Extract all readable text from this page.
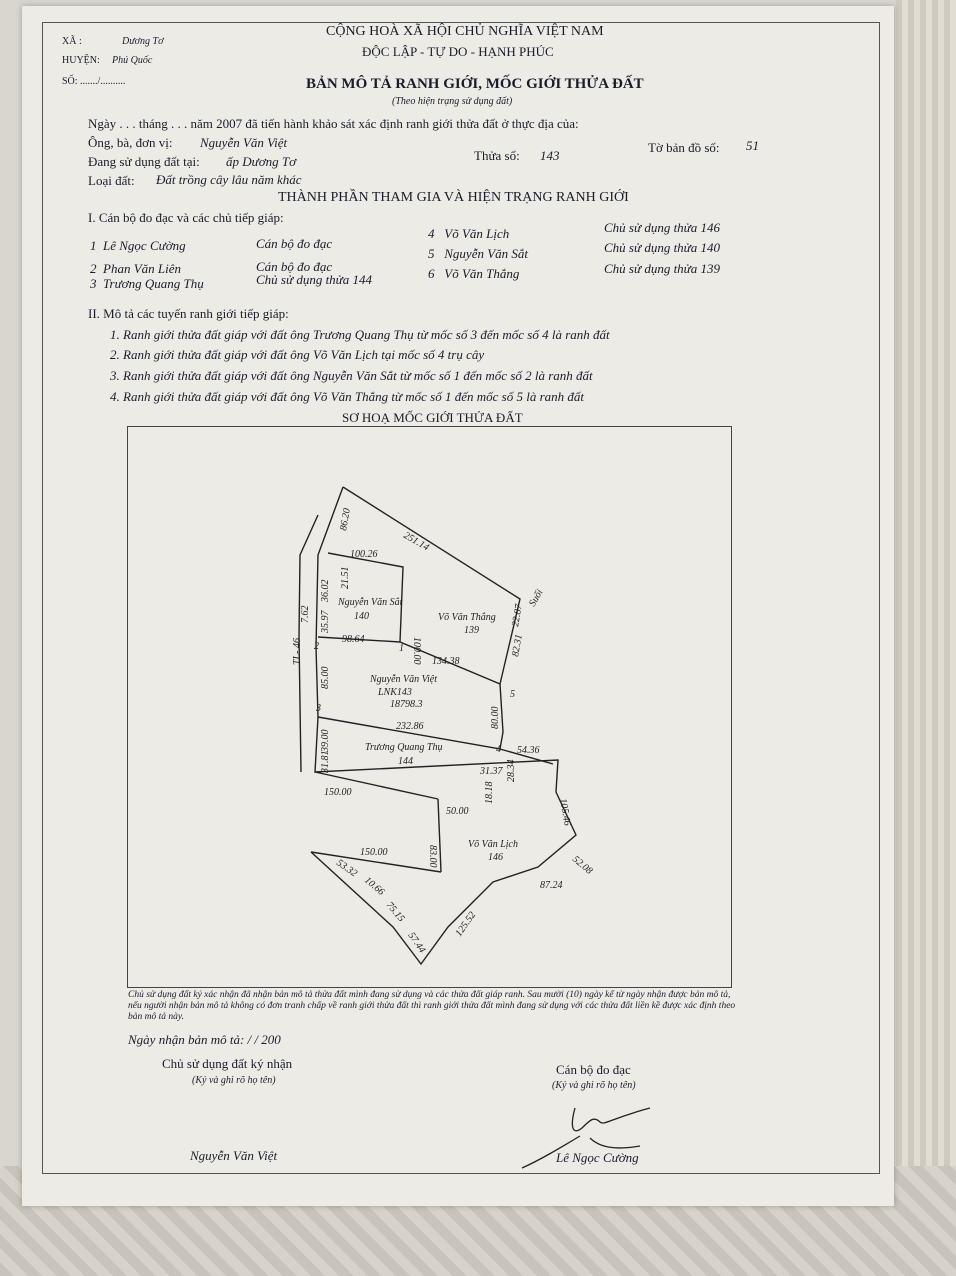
XÃ :	Dương Tơ
HUYỆN: Phú Quốc
SỐ: ......./..........
CỘNG HOÀ XÃ HỘI CHỦ NGHĨA VIỆT NAM
ĐỘC LẬP - TỰ DO - HẠNH PHÚC
BẢN MÔ TẢ RANH GIỚI, MỐC GIỚI THỬA ĐẤT
(Theo hiện trạng sử dụng đất)
Ngày . . . tháng . . . năm 2007 đã tiến hành khảo sát xác định ranh giới thửa đất ở thực địa của:
Ông, bà, đơn vị: Nguyễn Văn Việt
Đang sử dụng đất tại: ấp Dương Tơ	Thửa số: 143
Tờ bản đồ số: 51
Loại đất: Đất trồng cây lâu năm khác
THÀNH PHẦN THAM GIA VÀ HIỆN TRẠNG RANH GIỚI
I. Cán bộ đo đạc và các chủ tiếp giáp:
1 Lê Ngọc Cường	Cán bộ đo đạc
2 Phan Văn Liên	Cán bộ đo đạc
3 Trương Quang Thụ	Chủ sử dụng thửa 144
4 Võ Văn Lịch	Chủ sử dụng thửa 146
5 Nguyễn Văn Sắt	Chủ sử dụng thửa 140
6 Võ Văn Thắng	Chủ sử dụng thửa 139
II. Mô tả các tuyến ranh giới tiếp giáp:
1. Ranh giới thửa đất giáp với đất ông Trương Quang Thụ từ mốc số 3 đến mốc số 4 là ranh đất
2. Ranh giới thửa đất giáp với đất ông Võ Văn Lịch tại mốc số 4 trụ cây
3. Ranh giới thửa đất giáp với đất ông Nguyễn Văn Sắt từ mốc số 1 đến mốc số 2 là ranh đất
4. Ranh giới thửa đất giáp với đất ông Võ Văn Thắng từ mốc số 1 đến mốc số 5 là ranh đất
SƠ HOẠ MỐC GIỚI THỬA ĐẤT
TL- 46
Suối
Nguyễn Văn Sắt
140	Võ Văn Thắng
139
Nguyễn Văn Việt
LNK143
18798.3
Trương Quang Thụ
144
Võ Văn Lịch
146
1
2
3
4
5
86.20
251.14
100.26
21.51
36.02
35.97
7.62
100.00
98.64
22.87
82.31
134.38
85.00
232.86	80.00
39.00
31.81	54.36
28.34
31.37
18.18
150.00
50.00	105.46
83.00
150.00
52.08
87.24
53.32
10.66
75.15	125.52
57.44
Chủ sử dụng đất ký xác nhận đã nhận bản mô tả thửa đất mình đang sử dụng và các thửa đất giáp ranh. Sau mười (10) ngày kể từ ngày nhận được bản mô tả, nếu người nhận bản mô tả không có đơn tranh chấp về ranh giới thửa đất thì ranh giới thửa đất mình đang sử dụng với các thửa đất liền kề được xác định theo bản mô tả này.
Ngày nhận bản mô tả: / / 200
Chủ sử dụng đất ký nhận
(Ký và ghi rõ họ tên)
Nguyễn Văn Việt
Cán bộ đo đạc
(Ký và ghi rõ họ tên)
Lê Ngọc Cường
